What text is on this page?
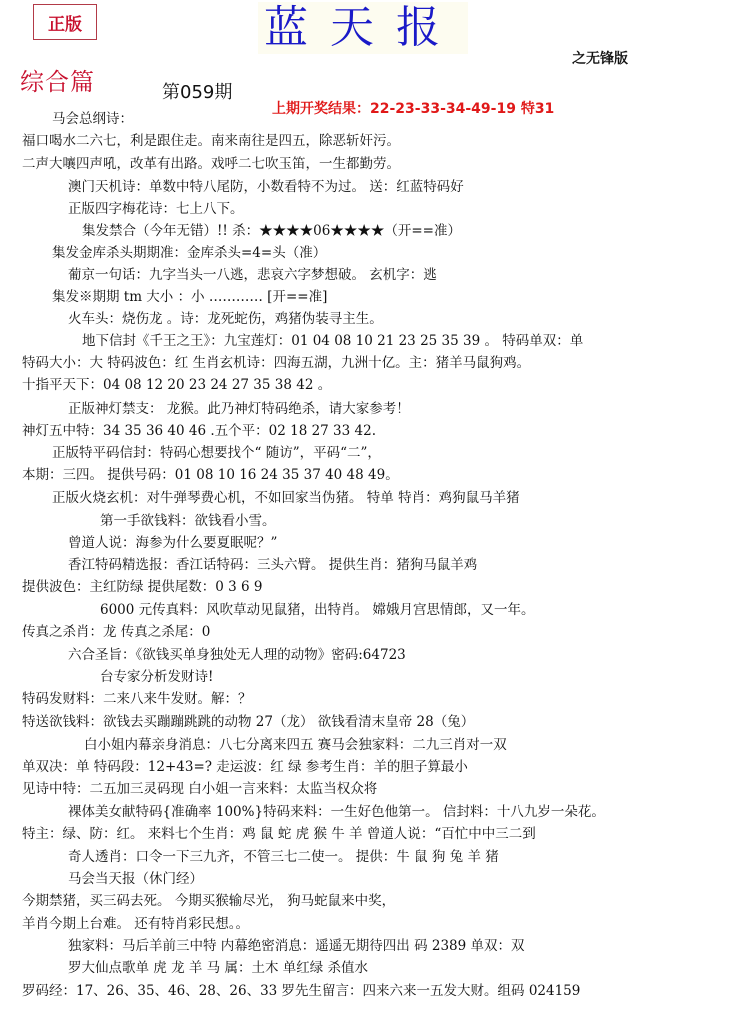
正版	蓝天报
之无锋版
综合篇	第059期
上期开奖结果：22-23-33-34-49-19 特31
马会总纲诗：
福口喝水二六七，利是跟住走。南来南往是四五，除恶斩奸污。
二声大嚷四声吼，改革有出路。戏呼二七吹玉笛，一生都勤劳。
澳门天机诗：单数中特八尾防，小数看特不为过。 送：红蓝特码好
正版四字梅花诗：七上八下。
集发禁合（今年无错）!! 杀：★★★★06★★★★（开==准）
集发金库杀头期期准：金库杀头=4=头（准）
葡京一句话：九字当头一八逃，悲哀六字梦想破。 玄机字：逃
集发※期期 tm 大小 ：小 ………… [开==准]
火车头：烧伤龙 。诗：龙死蛇伤，鸡猪伪装寻主生。
地下信封《千王之王》：九宝莲灯：01 04 08 10 21 23 25 35 39 。 特码单双：单
特码大小：大 特码波色：红 生肖玄机诗：四海五湖，九洲十亿。主：猪羊马鼠狗鸡。
十指平天下：04 08 12 20 23 24 27 35 38 42 。
正版神灯禁支： 龙猴。此乃神灯特码绝杀，请大家参考！
神灯五中特：34 35 36 40 46 .五个平：02 18 27 33 42.
正版特平码信封：特码心想要找个“ 随访”，平码“二”，
本期：三四。 提供号码：01 08 10 16 24 35 37 40 48 49。
正版火烧玄机：对牛弹琴费心机，不如回家当伪猪。 特单 特肖：鸡狗鼠马羊猪
第一手欲钱料：欲钱看小雪。
曾道人说：海参为什么要夏眠呢？”
香江特码精选报：香江话特码：三头六臂。 提供生肖：猪狗马鼠羊鸡
提供波色：主红防绿 提供尾数：0 3 6 9
6000 元传真料：风吹草动见鼠猪，出特肖。 嫦娥月宫思情郎，又一年。
传真之杀肖：龙 传真之杀尾：0
六合圣旨：《欲钱买单身独处无人理的动物》密码:64723
台专家分析发财诗!
特码发财料：二来八来牛发财。解：？
特送欲钱料：欲钱去买蹦蹦跳跳的动物 27（龙） 欲钱看清末皇帝 28（兔）
白小姐内幕亲身消息：八七分离来四五 赛马会独家料：二九三肖对一双
单双决：单 特码段：12+43=? 走运波：红 绿 参考生肖：羊的胆子算最小
见诗中特：二五加三灵码现 白小姐一言来料：太监当权众将
裸体美女献特码{准确率 100%}特码来料：一生好色他第一。 信封料：十八九岁一朵花。
特主：绿、防：红。 来料七个生肖：鸡 鼠 蛇 虎 猴 牛 羊 曾道人说：“百忙中中三二到
奇人透肖：口令一下三九齐，不管三七二使一。 提供：牛 鼠 狗 兔 羊 猪
马会当天报（休门经）
今期禁猪，买三码去死。 今期买猴输尽光， 狗马蛇鼠来中奖，
羊肖今期上台难。 还有特肖彩民想。。
独家料：马后羊前三中特 内幕绝密消息：遥遥无期待四出 码 2389 单双：双
罗大仙点歌单 虎 龙 羊 马 属：土木 单红绿 杀值水
罗码经：17、26、35、46、28、26、33 罗先生留言：四来六来一五发大财。组码 024159
